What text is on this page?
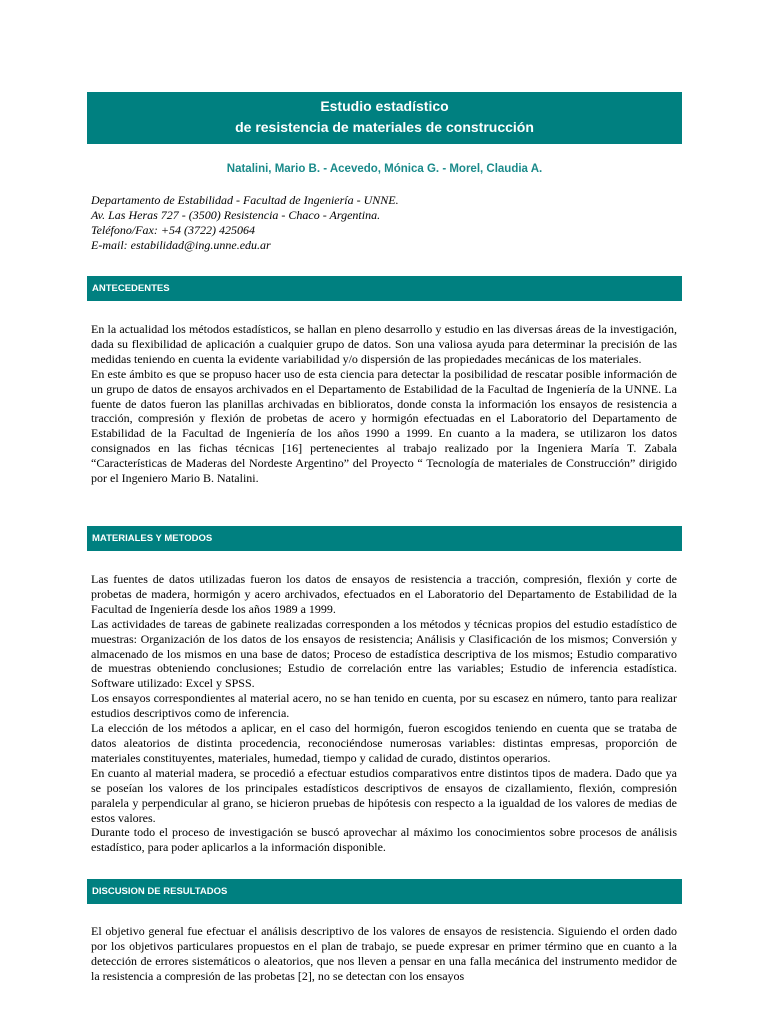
Estudio estadístico
de resistencia de materiales de construcción
Natalini, Mario B. - Acevedo, Mónica G. - Morel, Claudia A.
Departamento de Estabilidad - Facultad de Ingeniería - UNNE.
Av. Las Heras 727 - (3500) Resistencia - Chaco - Argentina.
Teléfono/Fax: +54 (3722) 425064
E-mail: estabilidad@ing.unne.edu.ar
ANTECEDENTES

En la actualidad los métodos estadísticos, se hallan en pleno desarrollo y estudio en las diversas áreas de la investigación, dada su flexibilidad de aplicación a cualquier grupo de datos. Son una valiosa ayuda para determinar la precisión de las medidas teniendo en cuenta la evidente variabilidad y/o dispersión de las propiedades mecánicas de los materiales.

En este ámbito es que se propuso hacer uso de esta ciencia para detectar la posibilidad de rescatar posible información de un grupo de datos de ensayos archivados en el Departamento de Estabilidad de la Facultad de Ingeniería de la UNNE. La fuente de datos fueron las planillas archivadas en biblioratos, donde consta la información los ensayos de resistencia a tracción, compresión y flexión de probetas de acero y hormigón efectuadas en el Laboratorio del Departamento de Estabilidad de la Facultad de Ingeniería de los años 1990 a 1999. En cuanto a la madera, se utilizaron los datos consignados en las fichas técnicas [16] pertenecientes al trabajo realizado por la Ingeniera María T. Zabala “Características de Maderas del Nordeste Argentino” del Proyecto “ Tecnología de materiales de Construcción” dirigido por el Ingeniero Mario B. Natalini.

MATERIALES Y METODOS

Las fuentes de datos utilizadas fueron los datos de ensayos de resistencia a tracción, compresión, flexión y corte de probetas de madera, hormigón y acero archivados, efectuados en el Laboratorio del Departamento de Estabilidad de la Facultad de Ingeniería desde los años 1989 a 1999.

Las actividades de tareas de gabinete realizadas corresponden a los métodos y técnicas propios del estudio estadístico de muestras: Organización de los datos de los ensayos de resistencia; Análisis y Clasificación de los mismos; Conversión y almacenado de los mismos en una base de datos; Proceso de estadística descriptiva de los mismos; Estudio comparativo de muestras obteniendo conclusiones; Estudio de correlación entre las variables; Estudio de inferencia estadística. Software utilizado: Excel y SPSS.

Los ensayos correspondientes al material acero, no se han tenido en cuenta, por su escasez en número, tanto para realizar estudios descriptivos como de inferencia.

La elección de los métodos a aplicar, en el caso del hormigón, fueron escogidos teniendo en cuenta que se trataba de datos aleatorios de distinta procedencia, reconociéndose numerosas variables: distintas empresas, proporción de materiales constituyentes, materiales, humedad, tiempo y calidad de curado, distintos operarios.

En cuanto al material madera, se procedió a efectuar estudios comparativos entre distintos tipos de madera. Dado que ya se poseían los valores de los principales estadísticos descriptivos de ensayos de cizallamiento, flexión, compresión paralela y perpendicular al grano, se hicieron pruebas de hipótesis con respecto a la igualdad de los valores de medias de estos valores.

Durante todo el proceso de investigación se buscó aprovechar al máximo los conocimientos sobre procesos de análisis estadístico, para poder aplicarlos a la información disponible.

DISCUSION DE RESULTADOS

El objetivo general fue efectuar el análisis descriptivo de los valores de ensayos de resistencia. Siguiendo el orden dado por los objetivos particulares propuestos en el plan de trabajo, se puede expresar en primer término que en cuanto a la detección de errores sistemáticos o aleatorios, que nos lleven a pensar en una falla mecánica del instrumento medidor de la resistencia a compresión de las probetas [2], no se detectan con los ensayos
